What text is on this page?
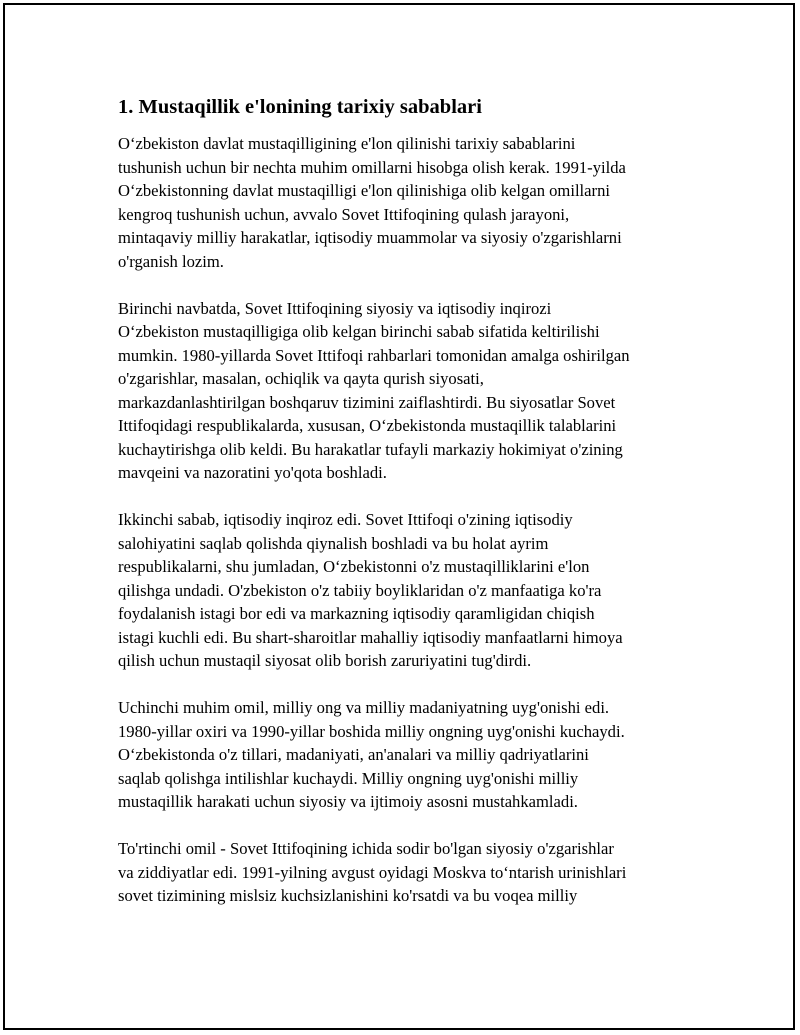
1. Mustaqillik e'lonining tarixiy sabablari

O‘zbekiston davlat mustaqilligining e'lon qilinishi tarixiy sabablarini
tushunish uchun bir nechta muhim omillarni hisobga olish kerak. 1991-yilda
O‘zbekistonning davlat mustaqilligi e'lon qilinishiga olib kelgan omillarni
kengroq tushunish uchun, avvalo Sovet Ittifoqining qulash jarayoni,
mintaqaviy milliy harakatlar, iqtisodiy muammolar va siyosiy o'zgarishlarni
o'rganish lozim.

Birinchi navbatda, Sovet Ittifoqining siyosiy va iqtisodiy inqirozi
O‘zbekiston mustaqilligiga olib kelgan birinchi sabab sifatida keltirilishi
mumkin. 1980-yillarda Sovet Ittifoqi rahbarlari tomonidan amalga oshirilgan
o'zgarishlar, masalan, ochiqlik va qayta qurish siyosati,
markazdanlashtirilgan boshqaruv tizimini zaiflashtirdi. Bu siyosatlar Sovet
Ittifoqidagi respublikalarda, xususan, O‘zbekistonda mustaqillik talablarini
kuchaytirishga olib keldi. Bu harakatlar tufayli markaziy hokimiyat o'zining
mavqeini va nazoratini yo'qota boshladi.

Ikkinchi sabab, iqtisodiy inqiroz edi. Sovet Ittifoqi o'zining iqtisodiy
salohiyatini saqlab qolishda qiynalish boshladi va bu holat ayrim
respublikalarni, shu jumladan, O‘zbekistonni o'z mustaqilliklarini e'lon
qilishga undadi. O'zbekiston o'z tabiiy boyliklaridan o'z manfaatiga ko'ra
foydalanish istagi bor edi va markazning iqtisodiy qaramligidan chiqish
istagi kuchli edi. Bu shart-sharoitlar mahalliy iqtisodiy manfaatlarni himoya
qilish uchun mustaqil siyosat olib borish zaruriyatini tug'dirdi.

Uchinchi muhim omil, milliy ong va milliy madaniyatning uyg'onishi edi.
1980-yillar oxiri va 1990-yillar boshida milliy ongning uyg'onishi kuchaydi.
O‘zbekistonda o'z tillari, madaniyati, an'analari va milliy qadriyatlarini
saqlab qolishga intilishlar kuchaydi. Milliy ongning uyg'onishi milliy
mustaqillik harakati uchun siyosiy va ijtimoiy asosni mustahkamladi.

To'rtinchi omil - Sovet Ittifoqining ichida sodir bo'lgan siyosiy o'zgarishlar
va ziddiyatlar edi. 1991-yilning avgust oyidagi Moskva to‘ntarish urinishlari
sovet tizimining mislsiz kuchsizlanishini ko'rsatdi va bu voqea milliy
